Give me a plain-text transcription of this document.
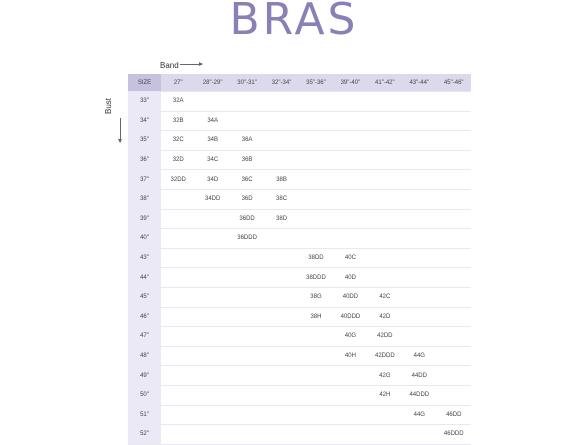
BRAS
Band
Bust
SIZE	27"	28"-29"	30"-31"	32"-34"	35"-36"	39"-40"	41"-42"	43"-44"	45"-46"
33"	32A								
34"	32B	34A							
35"	32C	34B	36A						
36"	32D	34C	36B						
37"	32DD	34D	36C	38B					
38"		34DD	36D	38C					
39"			36DD	38D					
40"			36DDD						
43"					38DD	40C			
44"					38DDD	40D			
45"					38G	40DD	42C		
46"					38H	40DDD	42D		
47"						40G	42DD		
48"						40H	42DDD	44G	
49"							42G	44DD	
50"							42H	44DDD	
51"								44G	46DD
52"									46DDD
